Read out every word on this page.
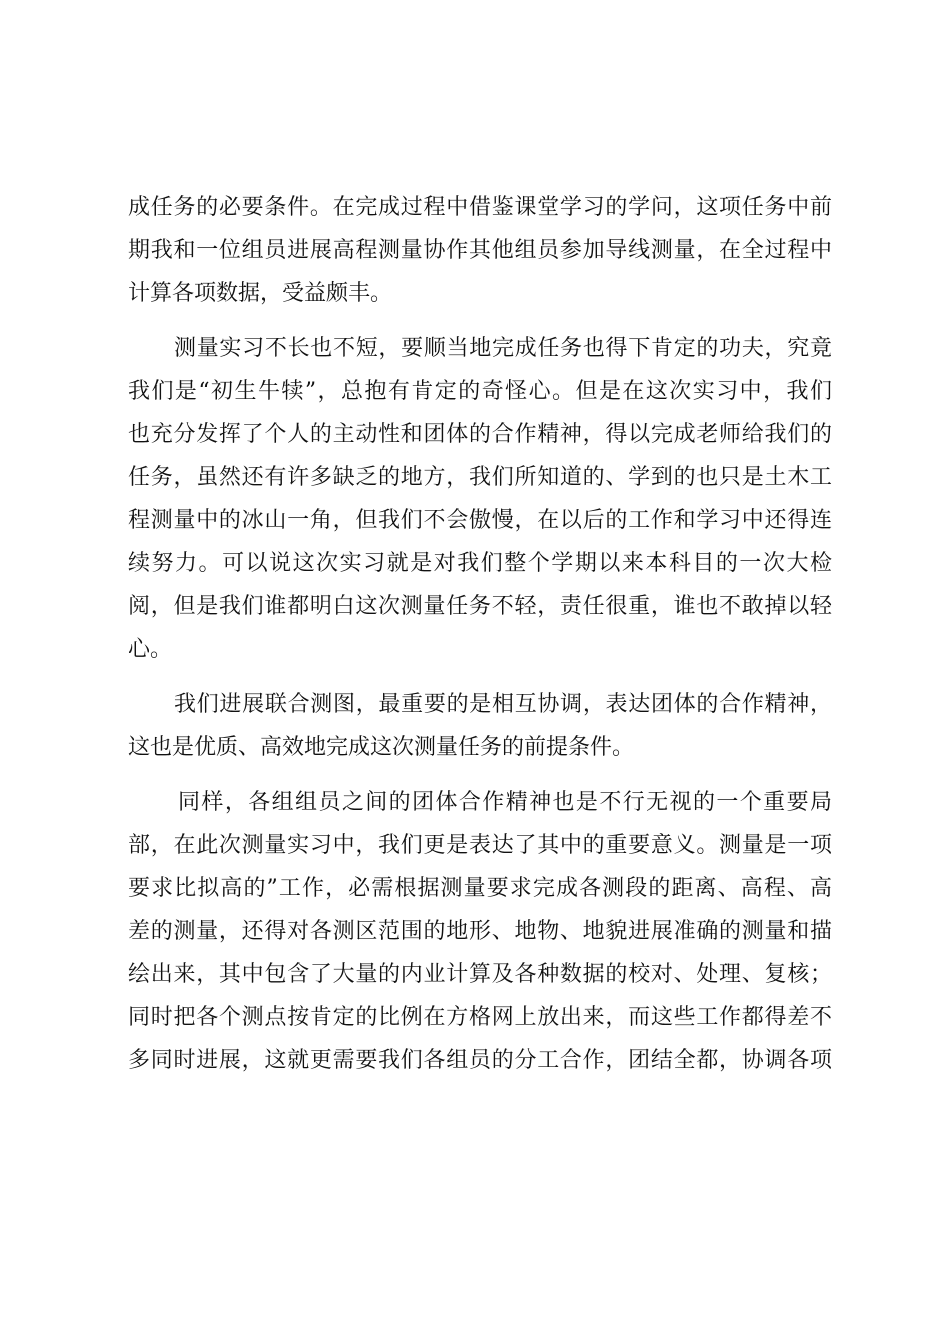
成任务的必要条件。在完成过程中借鉴课堂学习的学问，这项任务中前
期我和一位组员进展高程测量协作其他组员参加导线测量，在全过程中
计算各项数据，受益颇丰。
测量实习不长也不短，要顺当地完成任务也得下肯定的功夫，究竟
我们是“初生牛犊”，总抱有肯定的奇怪心。但是在这次实习中，我们
也充分发挥了个人的主动性和团体的合作精神，得以完成老师给我们的
任务，虽然还有许多缺乏的地方，我们所知道的、学到的也只是土木工
程测量中的冰山一角，但我们不会傲慢，在以后的工作和学习中还得连
续努力。可以说这次实习就是对我们整个学期以来本科目的一次大检
阅，但是我们谁都明白这次测量任务不轻，责任很重，谁也不敢掉以轻
心。
我们进展联合测图，最重要的是相互协调，表达团体的合作精神，
这也是优质、高效地完成这次测量任务的前提条件。
同样，各组组员之间的团体合作精神也是不行无视的一个重要局
部，在此次测量实习中，我们更是表达了其中的重要意义。测量是一项
要求比拟高的”工作，必需根据测量要求完成各测段的距离、高程、高
差的测量，还得对各测区范围的地形、地物、地貌进展准确的测量和描
绘出来，其中包含了大量的内业计算及各种数据的校对、处理、复核；
同时把各个测点按肯定的比例在方格网上放出来，而这些工作都得差不
多同时进展，这就更需要我们各组员的分工合作，团结全都，协调各项
